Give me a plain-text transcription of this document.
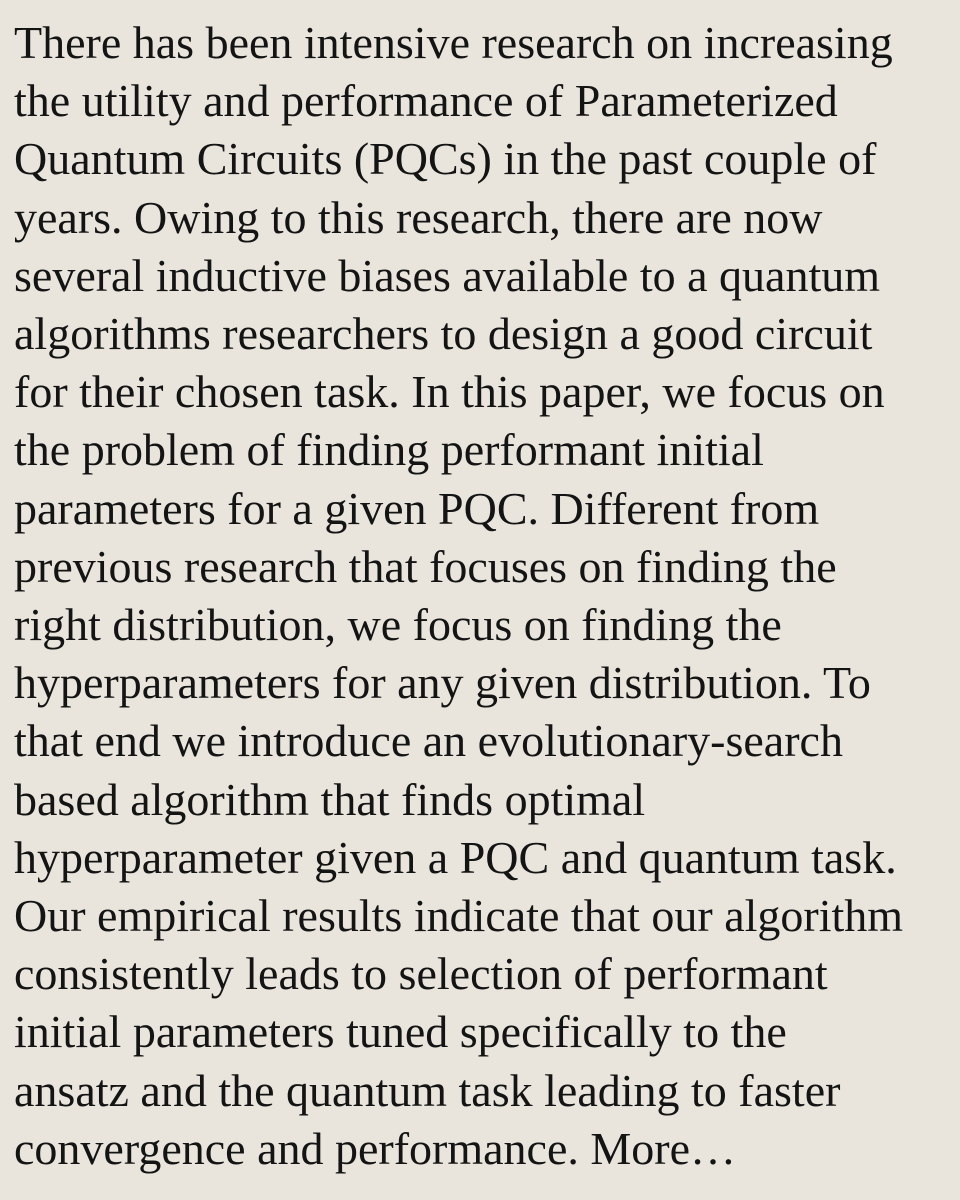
There has been intensive research on increasing
the utility and performance of Parameterized
Quantum Circuits (PQCs) in the past couple of
years. Owing to this research, there are now
several inductive biases available to a quantum
algorithms researchers to design a good circuit
for their chosen task. In this paper, we focus on
the problem of finding performant initial
parameters for a given PQC. Different from
previous research that focuses on finding the
right distribution, we focus on finding the
hyperparameters for any given distribution. To
that end we introduce an evolutionary-search
based algorithm that finds optimal
hyperparameter given a PQC and quantum task.
Our empirical results indicate that our algorithm
consistently leads to selection of performant
initial parameters tuned specifically to the
ansatz and the quantum task leading to faster
convergence and performance. More…
